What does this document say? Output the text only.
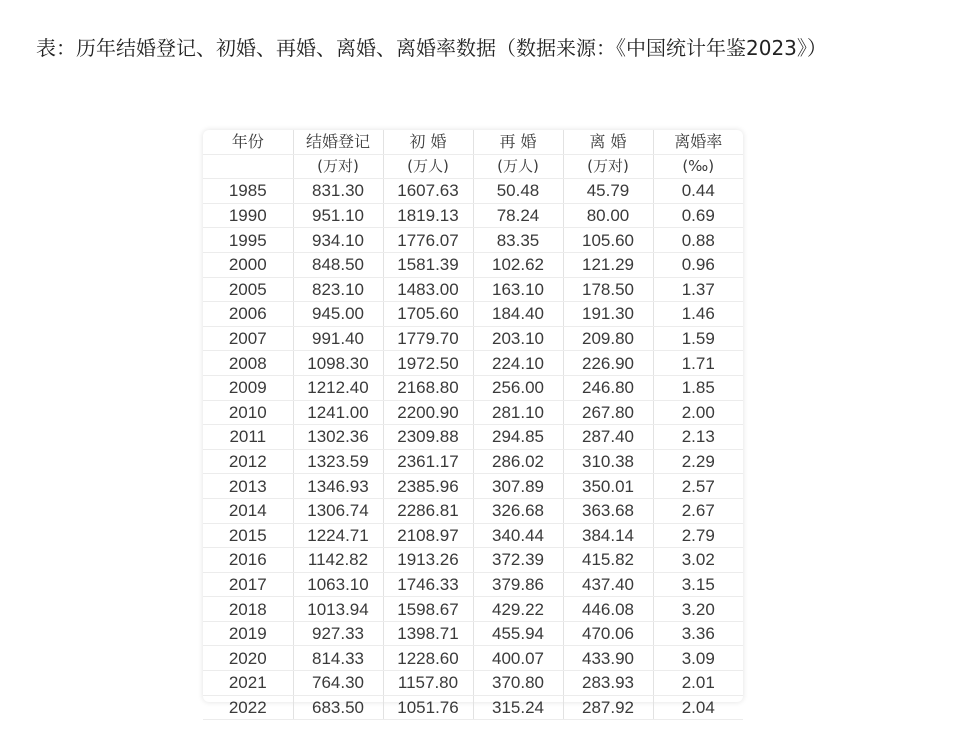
表：历年结婚登记、初婚、再婚、离婚、离婚率数据（数据来源：《中国统计年鉴2023》）
年份	结婚登记	初 婚	再 婚	离 婚	离婚率
	(万对)	(万人)	(万人)	(万对)	(‰)
1985	831.30	1607.63	50.48	45.79	0.44
1990	951.10	1819.13	78.24	80.00	0.69
1995	934.10	1776.07	83.35	105.60	0.88
2000	848.50	1581.39	102.62	121.29	0.96
2005	823.10	1483.00	163.10	178.50	1.37
2006	945.00	1705.60	184.40	191.30	1.46
2007	991.40	1779.70	203.10	209.80	1.59
2008	1098.30	1972.50	224.10	226.90	1.71
2009	1212.40	2168.80	256.00	246.80	1.85
2010	1241.00	2200.90	281.10	267.80	2.00
2011	1302.36	2309.88	294.85	287.40	2.13
2012	1323.59	2361.17	286.02	310.38	2.29
2013	1346.93	2385.96	307.89	350.01	2.57
2014	1306.74	2286.81	326.68	363.68	2.67
2015	1224.71	2108.97	340.44	384.14	2.79
2016	1142.82	1913.26	372.39	415.82	3.02
2017	1063.10	1746.33	379.86	437.40	3.15
2018	1013.94	1598.67	429.22	446.08	3.20
2019	927.33	1398.71	455.94	470.06	3.36
2020	814.33	1228.60	400.07	433.90	3.09
2021	764.30	1157.80	370.80	283.93	2.01
2022	683.50	1051.76	315.24	287.92	2.04
